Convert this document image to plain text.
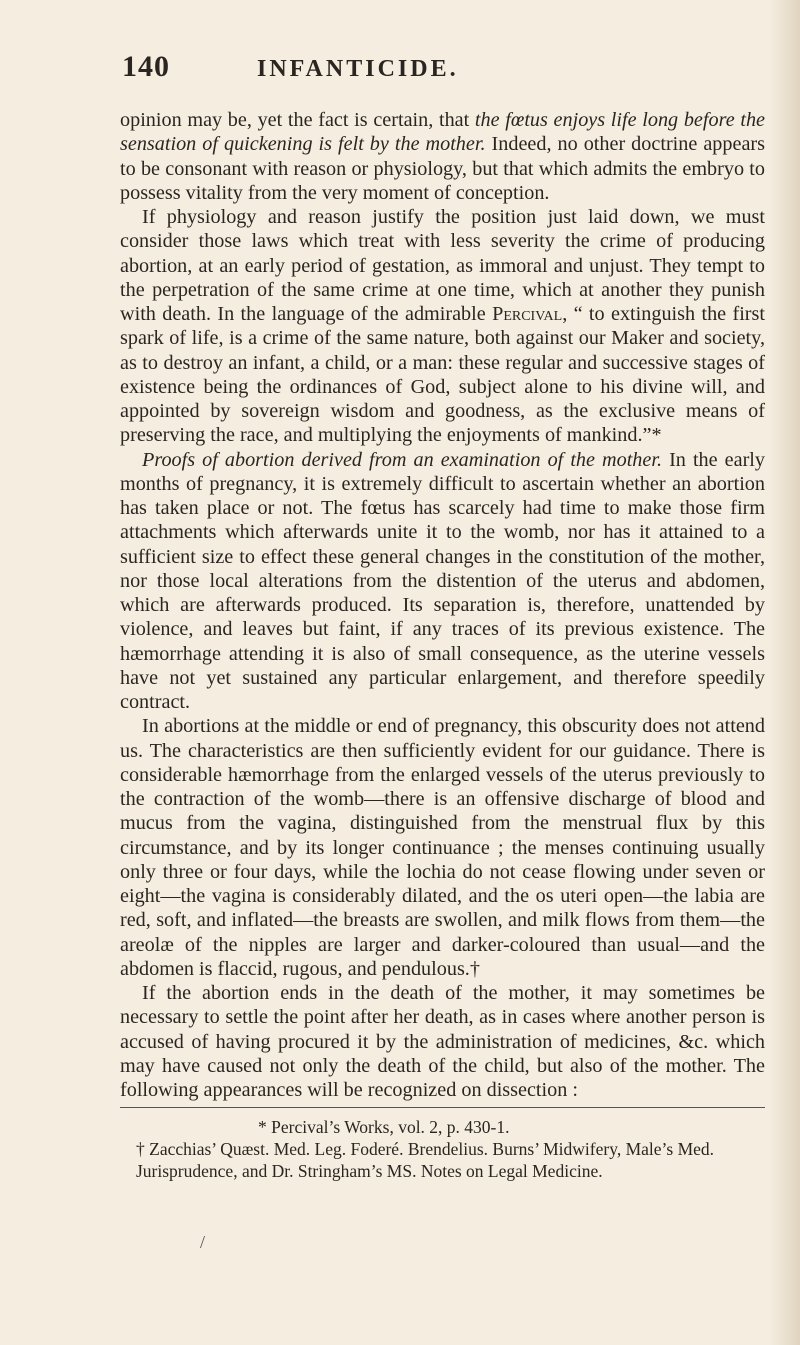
140	INFANTICIDE.

opinion may be, yet the fact is certain, that the fœtus enjoys life long before the sensation of quickening is felt by the mother. Indeed, no other doctrine appears to be consonant with reason or physiology, but that which admits the embryo to possess vitality from the very moment of conception.

If physiology and reason justify the position just laid down, we must consider those laws which treat with less severity the crime of producing abortion, at an early period of gestation, as immoral and unjust. They tempt to the perpetration of the same crime at one time, which at another they punish with death. In the language of the admirable Percival, “ to extinguish the first spark of life, is a crime of the same nature, both against our Maker and society, as to destroy an infant, a child, or a man: these regular and successive stages of existence being the ordinances of God, subject alone to his divine will, and appointed by sovereign wisdom and goodness, as the exclusive means of preserving the race, and multiplying the enjoyments of mankind.”*

Proofs of abortion derived from an examination of the mother. In the early months of pregnancy, it is extremely difficult to ascertain whether an abortion has taken place or not. The fœtus has scarcely had time to make those firm attachments which afterwards unite it to the womb, nor has it attained to a sufficient size to effect these general changes in the constitution of the mother, nor those local alterations from the distention of the uterus and abdomen, which are afterwards produced. Its separation is, therefore, unattended by violence, and leaves but faint, if any traces of its previous existence. The hæmorrhage attending it is also of small consequence, as the uterine vessels have not yet sustained any particular enlargement, and therefore speedily contract.

In abortions at the middle or end of pregnancy, this obscurity does not attend us. The characteristics are then sufficiently evident for our guidance. There is considerable hæmorrhage from the enlarged vessels of the uterus previously to the contraction of the womb—there is an offensive discharge of blood and mucus from the vagina, distinguished from the menstrual flux by this circumstance, and by its longer continuance ; the menses continuing usually only three or four days, while the lochia do not cease flowing under seven or eight—the vagina is considerably dilated, and the os uteri open—the labia are red, soft, and inflated—the breasts are swollen, and milk flows from them—the areolæ of the nipples are larger and darker-coloured than usual—and the abdomen is flaccid, rugous, and pendulous.†

If the abortion ends in the death of the mother, it may sometimes be necessary to settle the point after her death, as in cases where another person is accused of having procured it by the administration of medicines, &c. which may have caused not only the death of the child, but also of the mother. The following appearances will be recognized on dissection :

* Percival’s Works, vol. 2, p. 430-1.

† Zacchias’ Quæst. Med. Leg. Foderé. Brendelius. Burns’ Midwifery, Male’s Med. Jurisprudence, and Dr. Stringham’s MS. Notes on Legal Medicine.

/
